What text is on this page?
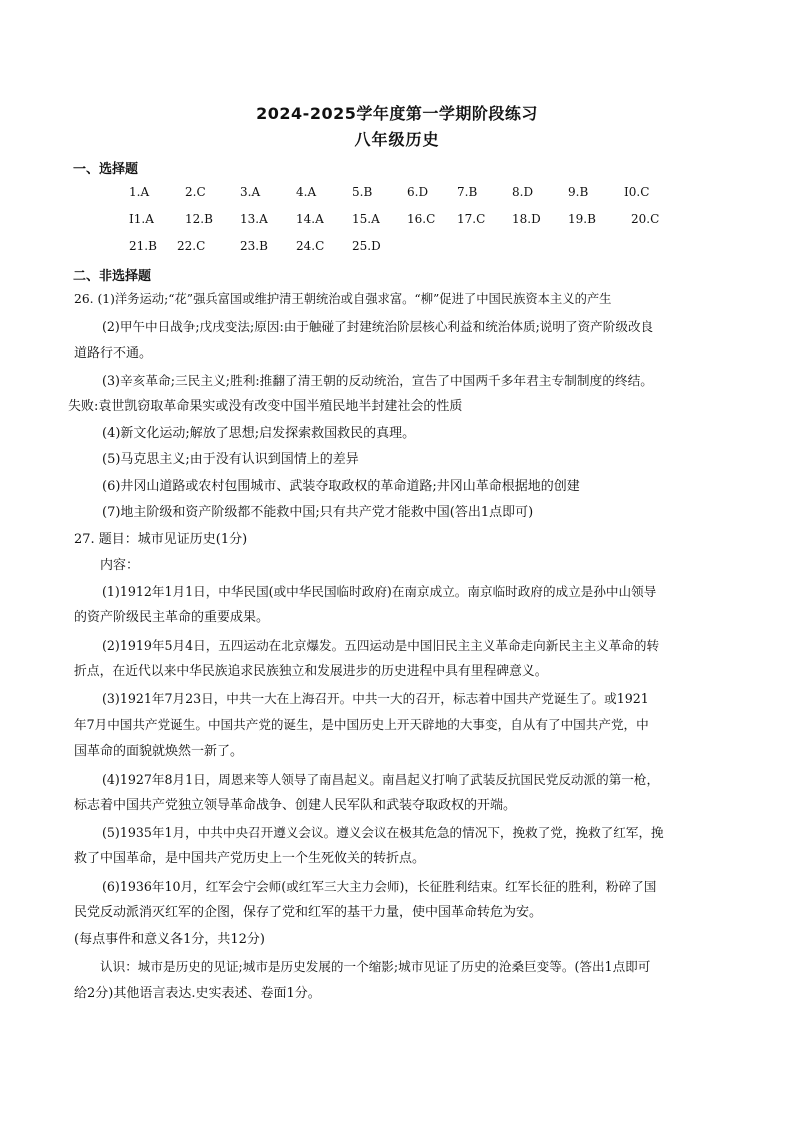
2024-2025学年度第一学期阶段练习
八年级历史
一、选择题
1.A	2.C	3.A	4.A	5.B	6.D 7.B	8.D	9.B	I0.C
I1.A	12.B 13.A 14.A 15.A 16.C 17.C 18.D 19.B	20.C
21.B 22.C	23.B 24.C 25.D
二、非选择题
26. (1)洋务运动;“花”强兵富国或维护清王朝统治或自强求富。“柳”促进了中国民族资本主义的产生
(2)甲午中日战争;戊戌变法;原因:由于触碰了封建统治阶层核心利益和统治体质;说明了资产阶级改良
道路行不通。
(3)辛亥革命;三民主义;胜利:推翻了清王朝的反动统治，宣告了中国两千多年君主专制制度的终结。
失败:袁世凯窃取革命果实或没有改变中国半殖民地半封建社会的性质
(4)新文化运动;解放了思想;启发探索救国救民的真理。
(5)马克思主义;由于没有认识到国情上的差异
(6)井冈山道路或农村包围城市、武装夺取政权的革命道路;井冈山革命根据地的创建
(7)地主阶级和资产阶级都不能救中国;只有共产党才能救中国(答出1点即可)
27. 题目：城市见证历史(1分)
内容：
(1)1912年1月1日，中华民国(或中华民国临时政府)在南京成立。南京临时政府的成立是孙中山领导
的资产阶级民主革命的重要成果。
(2)1919年5月4日，五四运动在北京爆发。五四运动是中国旧民主主义革命走向新民主主义革命的转
折点，在近代以来中华民族追求民族独立和发展进步的历史进程中具有里程碑意义。
(3)1921年7月23日，中共一大在上海召开。中共一大的召开，标志着中国共产党诞生了。或1921
年7月中国共产党诞生。中国共产党的诞生，是中国历史上开天辟地的大事变，自从有了中国共产党，中
国革命的面貌就焕然一新了。
(4)1927年8月1日，周恩来等人领导了南昌起义。南昌起义打响了武装反抗国民党反动派的第一枪，
标志着中国共产党独立领导革命战争、创建人民军队和武装夺取政权的开端。
(5)1935年1月，中共中央召开遵义会议。遵义会议在极其危急的情况下，挽救了党，挽救了红军，挽
救了中国革命，是中国共产党历史上一个生死攸关的转折点。
(6)1936年10月，红军会宁会师(或红军三大主力会师)，长征胜利结束。红军长征的胜利，粉碎了国
民党反动派消灭红军的企图，保存了党和红军的基干力量，使中国革命转危为安。
(每点事件和意义各1分，共12分)
认识：城市是历史的见证;城市是历史发展的一个缩影;城市见证了历史的沧桑巨变等。(答出1点即可
给2分)其他语言表达.史实表述、卷面1分。
